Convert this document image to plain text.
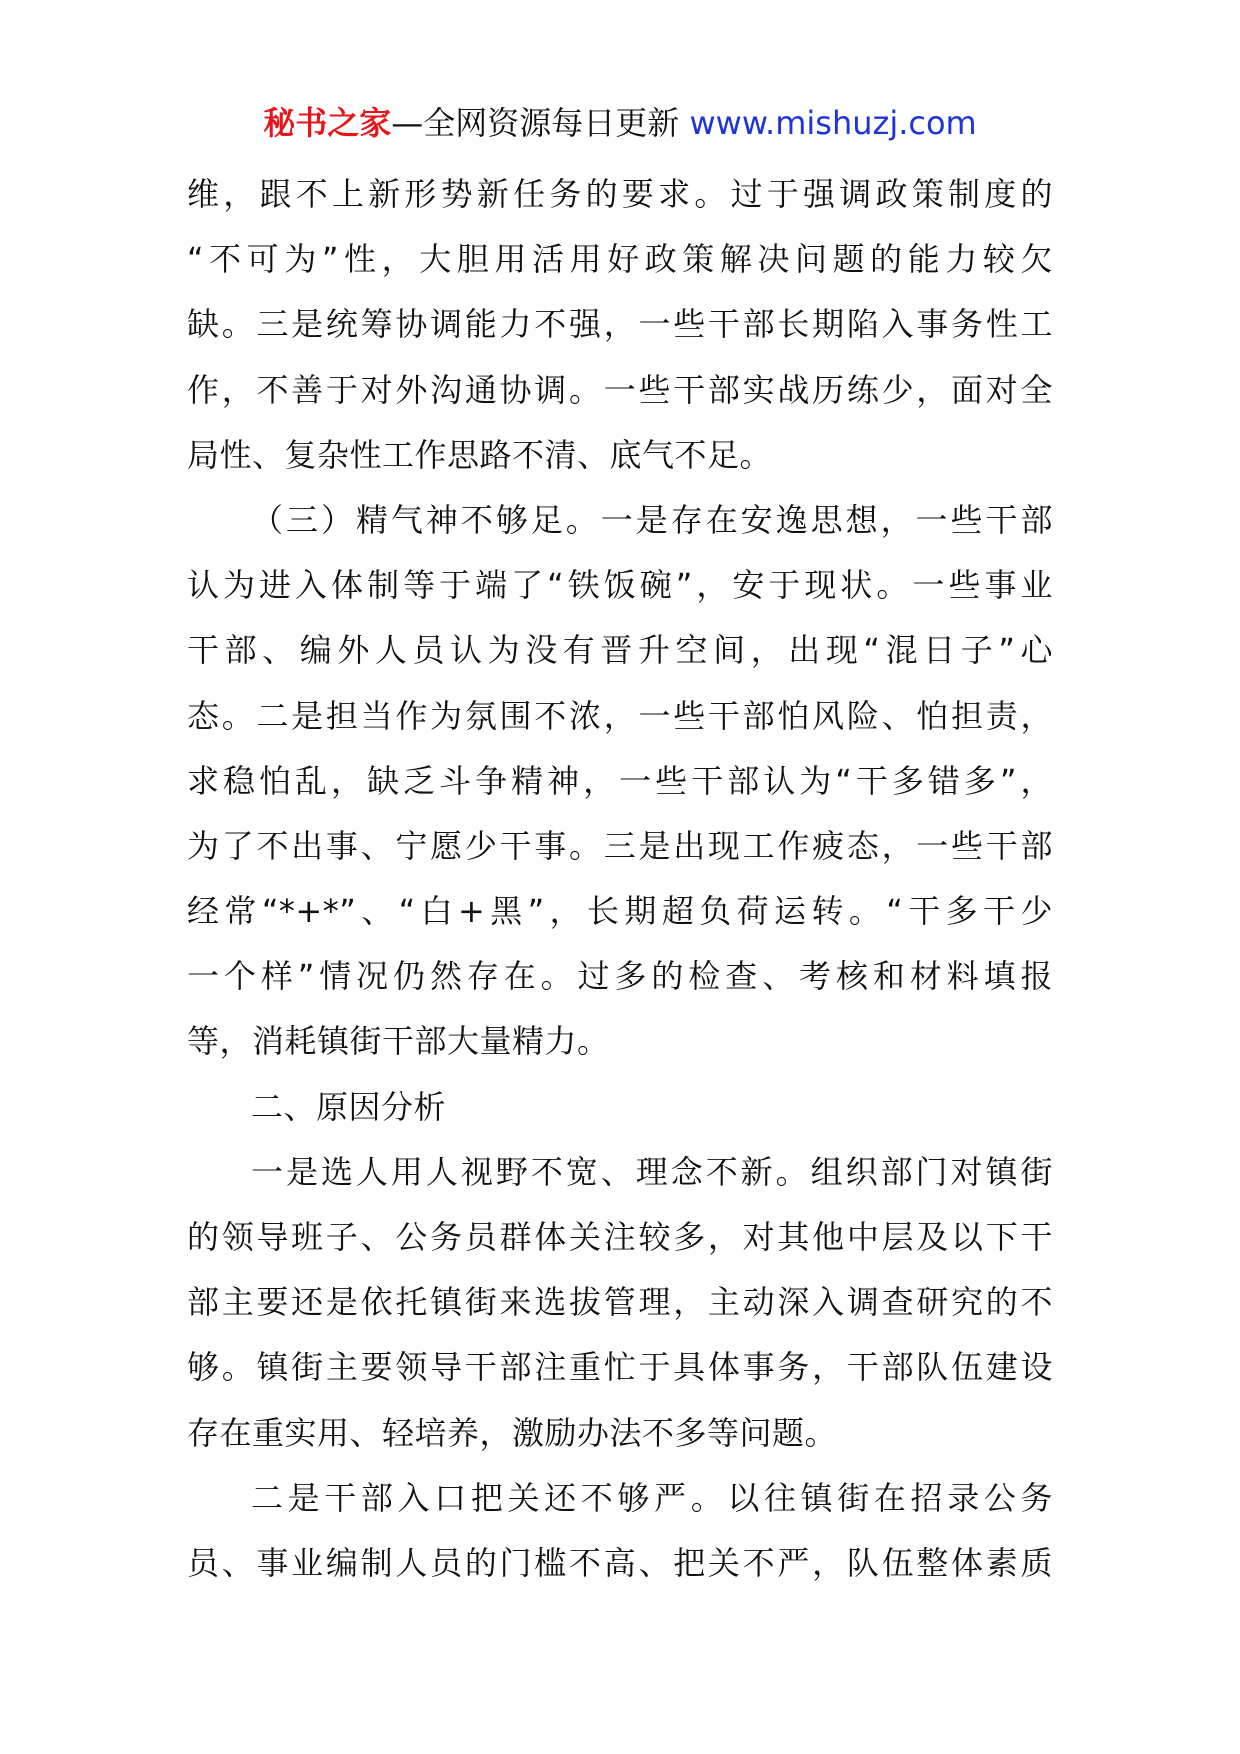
秘书之家—全网资源每日更新 www.mishuzj.com
维，跟不上新形势新任务的要求。过于强调政策制度的
“不可为”性，大胆用活用好政策解决问题的能力较欠
缺。三是统筹协调能力不强，一些干部长期陷入事务性工
作，不善于对外沟通协调。一些干部实战历练少，面对全
局性、复杂性工作思路不清、底气不足。
（三）精气神不够足。一是存在安逸思想，一些干部
认为进入体制等于端了“铁饭碗”，安于现状。一些事业
干部、编外人员认为没有晋升空间，出现“混日子”心
态。二是担当作为氛围不浓，一些干部怕风险、怕担责，
求稳怕乱，缺乏斗争精神，一些干部认为“干多错多”，
为了不出事、宁愿少干事。三是出现工作疲态，一些干部
经常“*+*”、“白+黑”，长期超负荷运转。“干多干少
一个样”情况仍然存在。过多的检查、考核和材料填报
等，消耗镇街干部大量精力。
二、原因分析
一是选人用人视野不宽、理念不新。组织部门对镇街
的领导班子、公务员群体关注较多，对其他中层及以下干
部主要还是依托镇街来选拔管理，主动深入调查研究的不
够。镇街主要领导干部注重忙于具体事务，干部队伍建设
存在重实用、轻培养，激励办法不多等问题。
二是干部入口把关还不够严。以往镇街在招录公务
员、事业编制人员的门槛不高、把关不严，队伍整体素质
